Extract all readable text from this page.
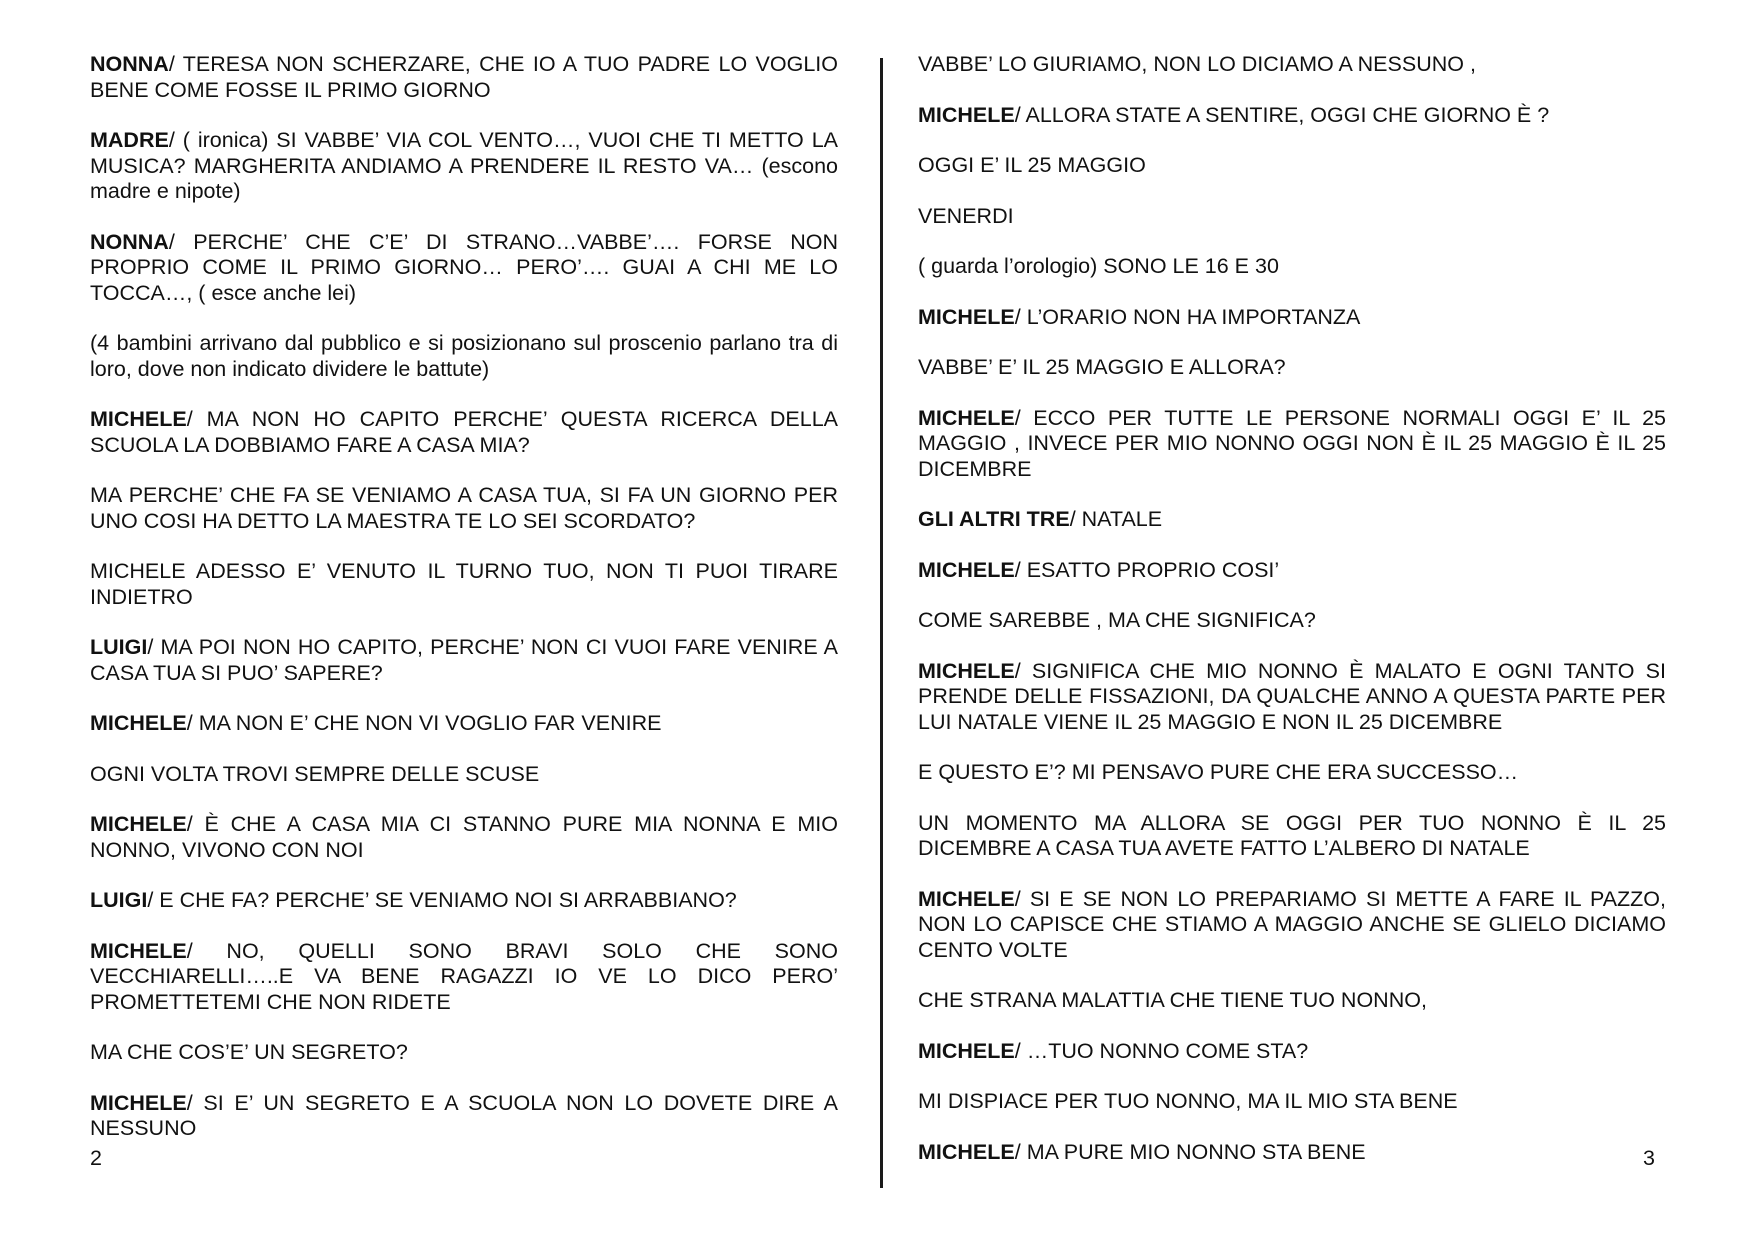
NONNA/ TERESA NON SCHERZARE, CHE IO A TUO PADRE LO VOGLIO BENE COME FOSSE IL PRIMO GIORNO

MADRE/ ( ironica) SI VABBE’ VIA COL VENTO…, VUOI CHE TI METTO LA MUSICA? MARGHERITA ANDIAMO A PRENDERE IL RESTO VA… (escono madre e nipote)

NONNA/ PERCHE’ CHE C’E’ DI STRANO…VABBE’…. FORSE NON PROPRIO COME IL PRIMO GIORNO… PERO’…. GUAI A CHI ME LO TOCCA…, ( esce anche lei)

(4 bambini arrivano dal pubblico e si posizionano sul proscenio parlano tra di loro, dove non indicato dividere le battute)

MICHELE/ MA NON HO CAPITO PERCHE’ QUESTA RICERCA DELLA SCUOLA LA DOBBIAMO FARE A CASA MIA?

MA PERCHE’ CHE FA SE VENIAMO A CASA TUA, SI FA UN GIORNO PER UNO COSI HA DETTO LA MAESTRA TE LO SEI SCORDATO?

MICHELE ADESSO E’ VENUTO IL TURNO TUO, NON TI PUOI TIRARE INDIETRO

LUIGI/ MA POI NON HO CAPITO, PERCHE’ NON CI VUOI FARE VENIRE A CASA TUA SI PUO’ SAPERE?

MICHELE/ MA NON E’ CHE NON VI VOGLIO FAR VENIRE

OGNI VOLTA TROVI SEMPRE DELLE SCUSE

MICHELE/ È CHE A CASA MIA CI STANNO PURE MIA NONNA E MIO NONNO, VIVONO CON NOI

LUIGI/ E CHE FA? PERCHE’ SE VENIAMO NOI SI ARRABBIANO?

MICHELE/ NO, QUELLI SONO BRAVI SOLO CHE SONO VECCHIARELLI…..E VA BENE RAGAZZI IO VE LO DICO PERO’ PROMETTETEMI CHE NON RIDETE

MA CHE COS’E’ UN SEGRETO?

MICHELE/ SI E’ UN SEGRETO E A SCUOLA NON LO DOVETE DIRE A NESSUNO

VABBE’ LO GIURIAMO, NON LO DICIAMO A NESSUNO ,

MICHELE/ ALLORA STATE A SENTIRE, OGGI CHE GIORNO È ?

OGGI E’ IL 25 MAGGIO

VENERDI

( guarda l’orologio) SONO LE 16 E 30

MICHELE/ L’ORARIO NON HA IMPORTANZA

VABBE’ E’ IL 25 MAGGIO E ALLORA?

MICHELE/ ECCO PER TUTTE LE PERSONE NORMALI OGGI E’ IL 25 MAGGIO , INVECE PER MIO NONNO OGGI NON È IL 25 MAGGIO È IL 25 DICEMBRE

GLI ALTRI TRE/ NATALE

MICHELE/ ESATTO PROPRIO COSI’

COME SAREBBE , MA CHE SIGNIFICA?

MICHELE/ SIGNIFICA CHE MIO NONNO È MALATO E OGNI TANTO SI PRENDE DELLE FISSAZIONI, DA QUALCHE ANNO A QUESTA PARTE PER LUI NATALE VIENE IL 25 MAGGIO E NON IL 25 DICEMBRE

E QUESTO E’? MI PENSAVO PURE CHE ERA SUCCESSO…

UN MOMENTO MA ALLORA SE OGGI PER TUO NONNO È IL 25 DICEMBRE A CASA TUA AVETE FATTO L’ALBERO DI NATALE

MICHELE/ SI E SE NON LO PREPARIAMO SI METTE A FARE IL PAZZO, NON LO CAPISCE CHE STIAMO A MAGGIO ANCHE SE GLIELO DICIAMO CENTO VOLTE

CHE STRANA MALATTIA CHE TIENE TUO NONNO,

MICHELE/ …TUO NONNO COME STA?

MI DISPIACE PER TUO NONNO, MA IL MIO STA BENE

MICHELE/ MA PURE MIO NONNO STA BENE

2	3
